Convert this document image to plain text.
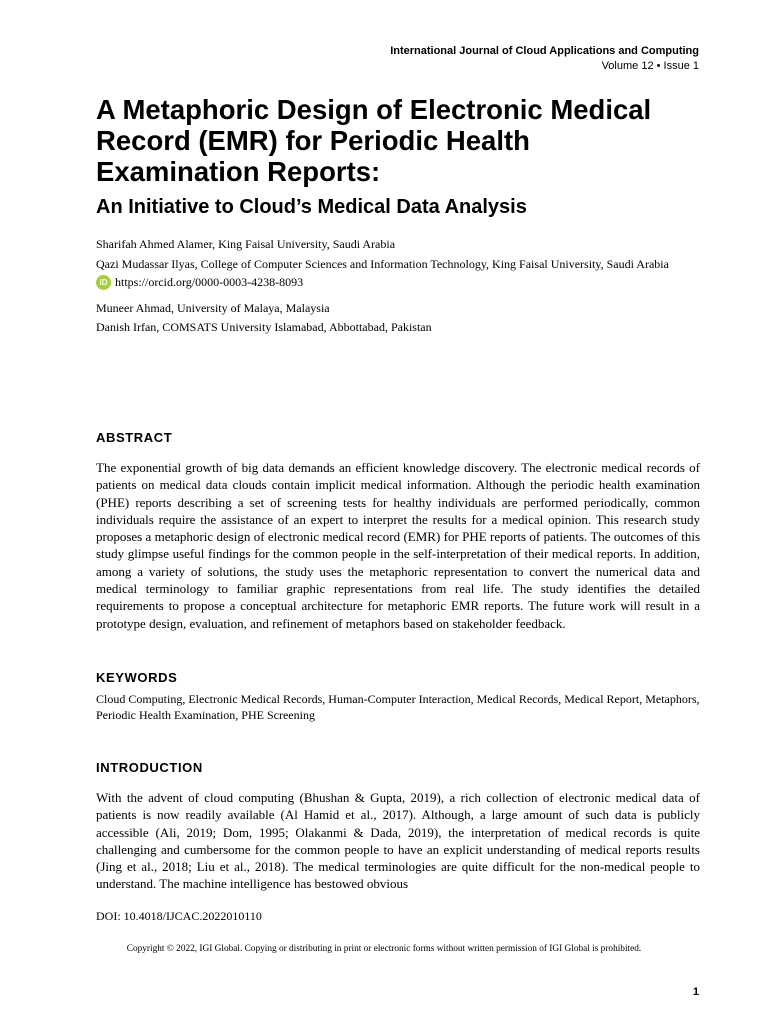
International Journal of Cloud Applications and Computing
Volume 12 • Issue 1
A Metaphoric Design of Electronic Medical Record (EMR) for Periodic Health Examination Reports:
An Initiative to Cloud’s Medical Data Analysis
Sharifah Ahmed Alamer, King Faisal University, Saudi Arabia
Qazi Mudassar Ilyas, College of Computer Sciences and Information Technology, King Faisal University, Saudi Arabia
iD https://orcid.org/0000-0003-4238-8093
Muneer Ahmad, University of Malaya, Malaysia
Danish Irfan, COMSATS University Islamabad, Abbottabad, Pakistan
ABSTRACT

The exponential growth of big data demands an efficient knowledge discovery. The electronic medical records of patients on medical data clouds contain implicit medical information. Although the periodic health examination (PHE) reports describing a set of screening tests for healthy individuals are performed periodically, common individuals require the assistance of an expert to interpret the results for a medical opinion. This research study proposes a metaphoric design of electronic medical record (EMR) for PHE reports of patients. The outcomes of this study glimpse useful findings for the common people in the self-interpretation of their medical reports. In addition, among a variety of solutions, the study uses the metaphoric representation to convert the numerical data and medical terminology to familiar graphic representations from real life. The study identifies the detailed requirements to propose a conceptual architecture for metaphoric EMR reports. The future work will result in a prototype design, evaluation, and refinement of metaphors based on stakeholder feedback.

KEYWORDS

Cloud Computing, Electronic Medical Records, Human-Computer Interaction, Medical Records, Medical Report, Metaphors, Periodic Health Examination, PHE Screening

INTRODUCTION

With the advent of cloud computing (Bhushan & Gupta, 2019), a rich collection of electronic medical data of patients is now readily available (Al Hamid et al., 2017). Although, a large amount of such data is publicly accessible (Ali, 2019; Dom, 1995; Olakanmi & Dada, 2019), the interpretation of medical records is quite challenging and cumbersome for the common people to have an explicit understanding of medical reports results (Jing et al., 2018; Liu et al., 2018). The medical terminologies are quite difficult for the non-medical people to understand. The machine intelligence has bestowed obvious

DOI: 10.4018/IJCAC.2022010110
Copyright © 2022, IGI Global. Copying or distributing in print or electronic forms without written permission of IGI Global is prohibited.
1
